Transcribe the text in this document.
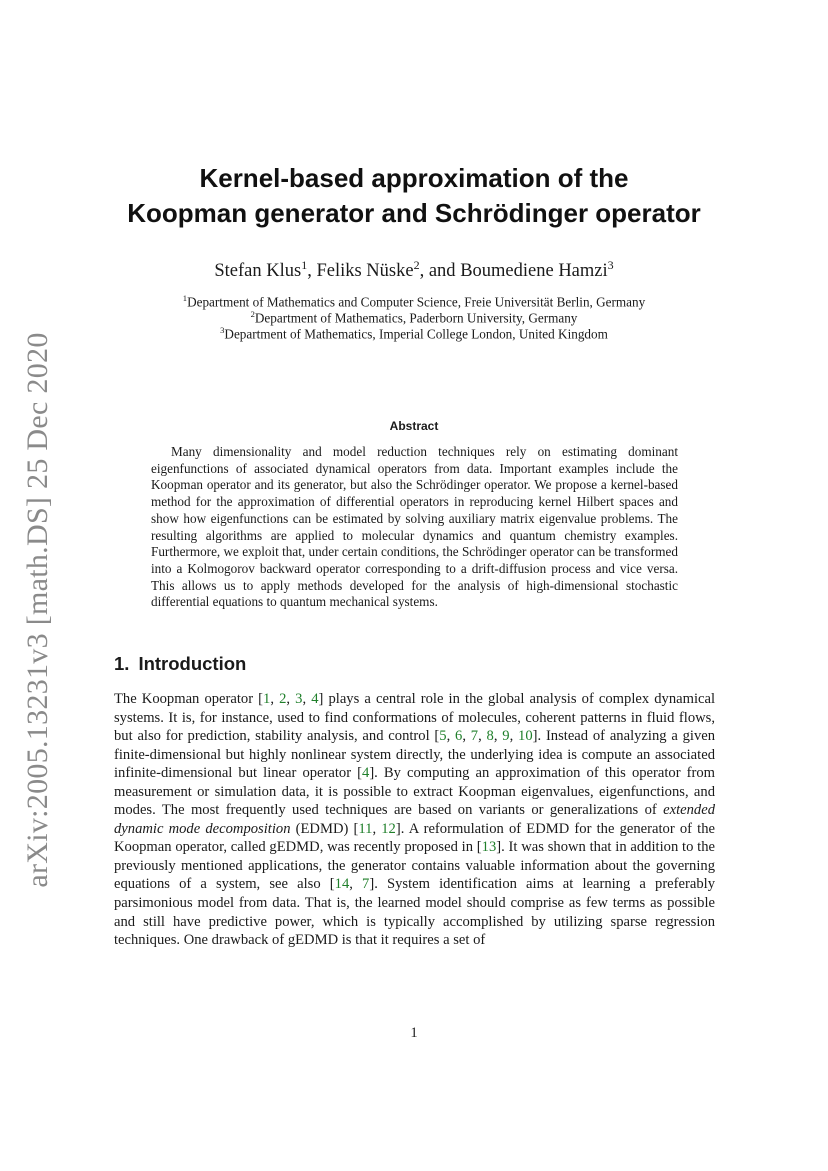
arXiv:2005.13231v3 [math.DS] 25 Dec 2020
Kernel-based approximation of the
Koopman generator and Schrödinger operator
Stefan Klus$^1$, Feliks Nüske$^2$, and Boumediene Hamzi$^3$
$^1$Department of Mathematics and Computer Science, Freie Universität Berlin, Germany
$^2$Department of Mathematics, Paderborn University, Germany
$^3$Department of Mathematics, Imperial College London, United Kingdom
Abstract

Many dimensionality and model reduction techniques rely on estimating dominant eigenfunctions of associated dynamical operators from data. Important examples include the Koopman operator and its generator, but also the Schrödinger operator. We propose a kernel-based method for the approximation of differential operators in reproducing kernel Hilbert spaces and show how eigenfunctions can be estimated by solving auxiliary matrix eigenvalue problems. The resulting algorithms are applied to molecular dynamics and quantum chemistry examples. Furthermore, we exploit that, under certain conditions, the Schrödinger operator can be transformed into a Kolmogorov backward operator corresponding to a drift-diffusion process and vice versa. This allows us to apply methods developed for the analysis of high-dimensional stochastic differential equations to quantum mechanical systems.

1. Introduction

The Koopman operator [1, 2, 3, 4] plays a central role in the global analysis of complex dynamical systems. It is, for instance, used to find conformations of molecules, coherent patterns in fluid flows, but also for prediction, stability analysis, and control [5, 6, 7, 8, 9, 10]. Instead of analyzing a given finite-dimensional but highly nonlinear system directly, the underlying idea is compute an associated infinite-dimensional but linear operator [4]. By computing an approximation of this operator from measurement or simulation data, it is possible to extract Koopman eigenvalues, eigenfunctions, and modes. The most frequently used techniques are based on variants or generalizations of extended dynamic mode decomposition (EDMD) [11, 12]. A reformulation of EDMD for the generator of the Koopman operator, called gEDMD, was recently proposed in [13]. It was shown that in addition to the previously mentioned applications, the generator contains valuable information about the governing equations of a system, see also [14, 7]. System identification aims at learning a preferably parsimonious model from data. That is, the learned model should comprise as few terms as possible and still have predictive power, which is typically accomplished by utilizing sparse regression techniques. One drawback of gEDMD is that it requires a set of

1
